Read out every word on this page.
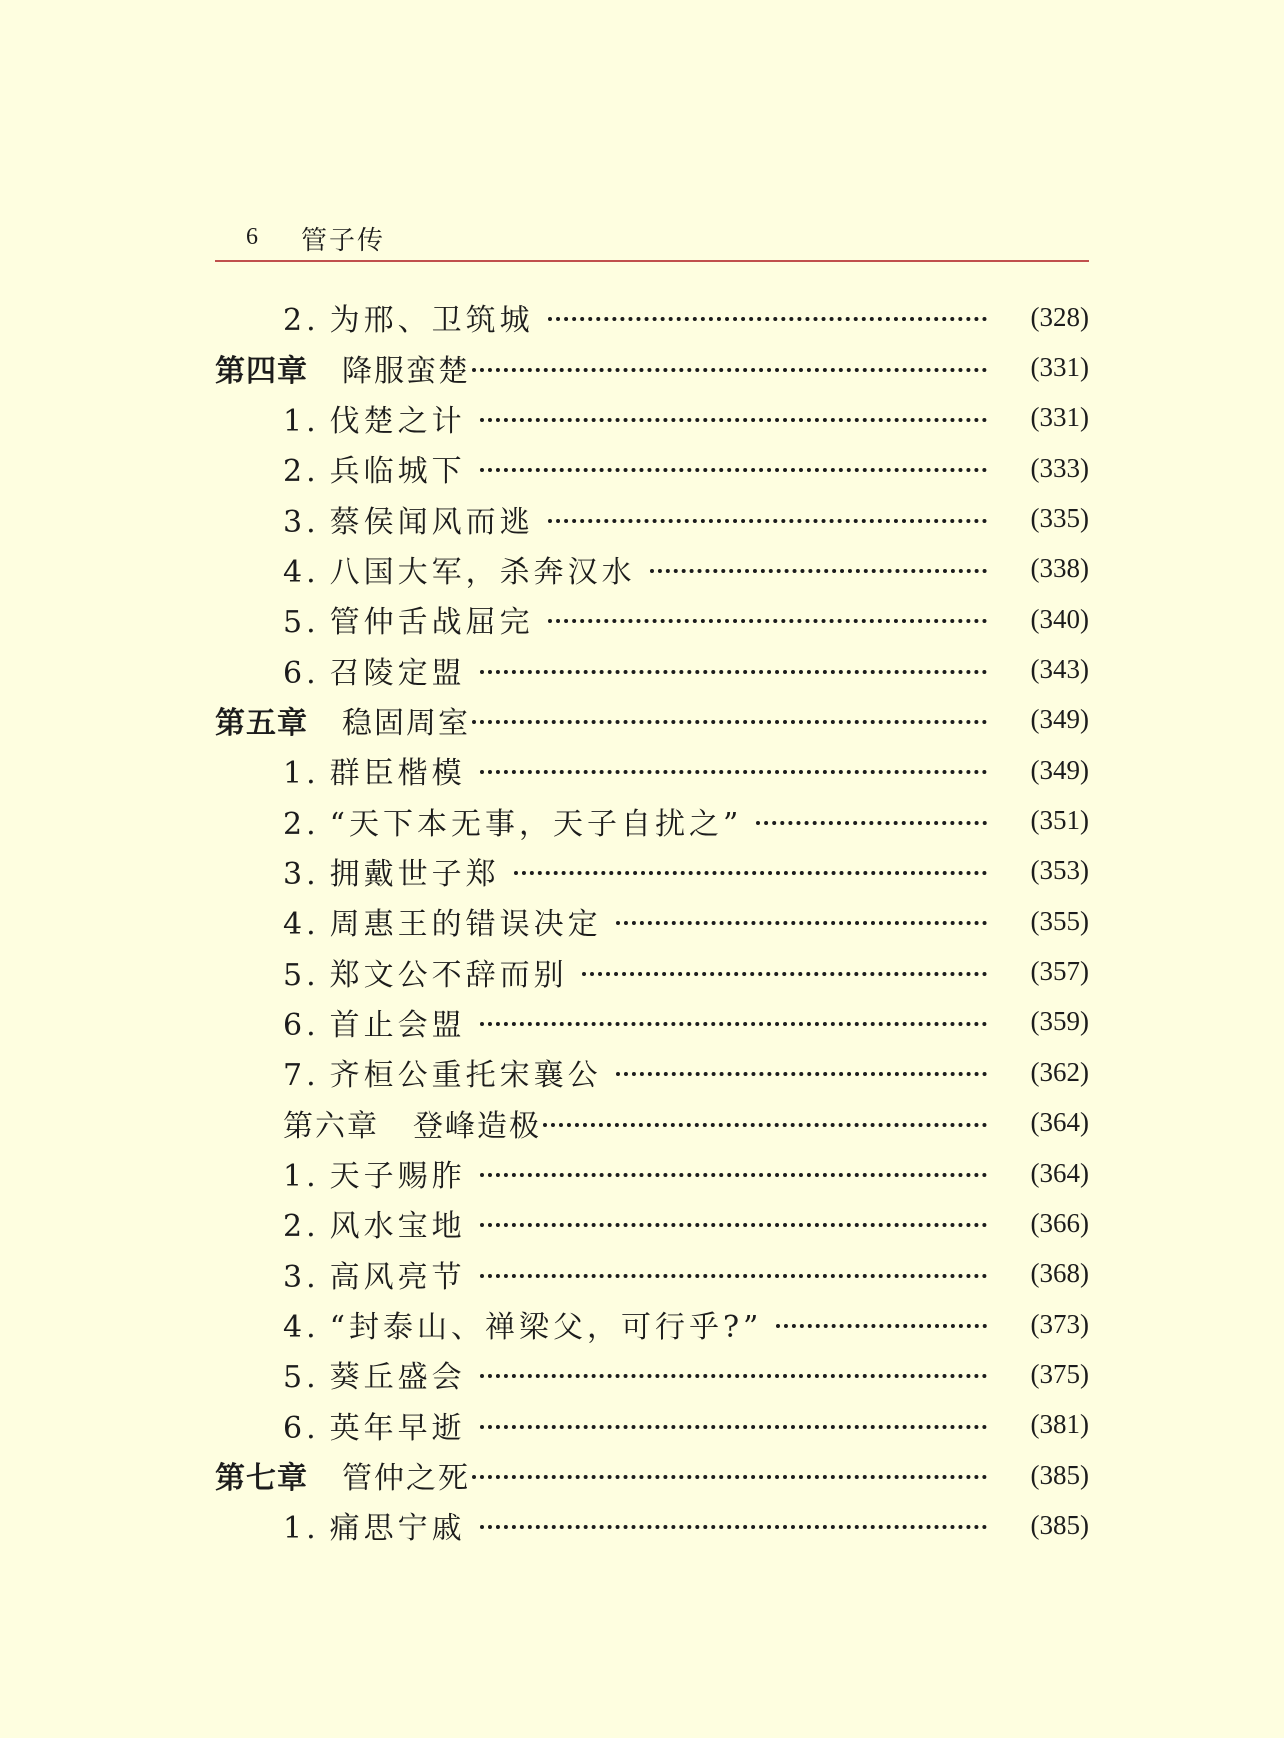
6 管子传
2. 为邢、卫筑城	(328)
第四章 降服蛮楚	(331)
1. 伐楚之计	(331)
2. 兵临城下	(333)
3. 蔡侯闻风而逃	(335)
4. 八国大军，杀奔汉水	(338)
5. 管仲舌战屈完	(340)
6. 召陵定盟	(343)
第五章 稳固周室	(349)
1. 群臣楷模	(349)
2. “天下本无事，天子自扰之”	(351)
3. 拥戴世子郑	(353)
4. 周惠王的错误决定	(355)
5. 郑文公不辞而别	(357)
6. 首止会盟	(359)
7. 齐桓公重托宋襄公	(362)
第六章 登峰造极	(364)
1. 天子赐胙	(364)
2. 风水宝地	(366)
3. 高风亮节	(368)
4. “封泰山、禅梁父，可行乎?”	(373)
5. 葵丘盛会	(375)
6. 英年早逝	(381)
第七章 管仲之死	(385)
1. 痛思宁戚	(385)
